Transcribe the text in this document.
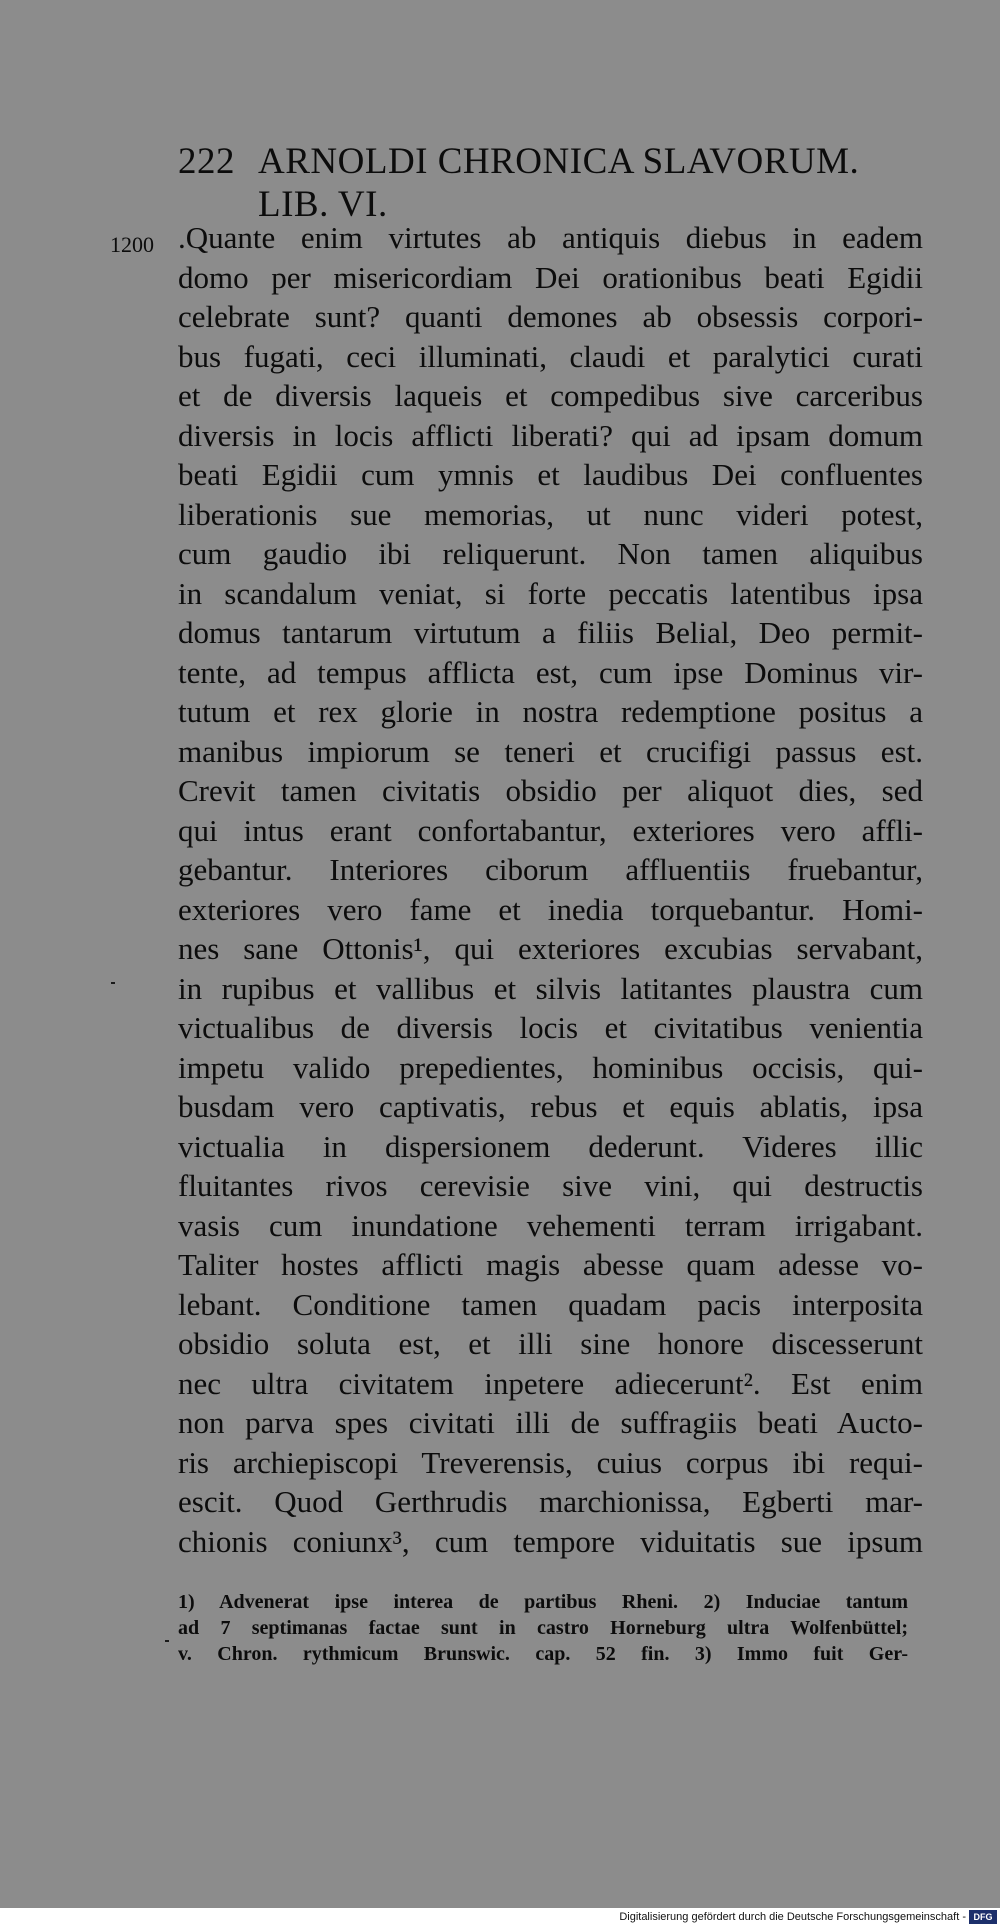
222 ARNOLDI CHRONICA SLAVORUM. LIB. VI.
1200 .Quante enim virtutes ab antiquis diebus in eadem
domo per misericordiam Dei orationibus beati Egidii
celebrate sunt? quanti demones ab obsessis corpori-
bus fugati, ceci illuminati, claudi et paralytici curati
et de diversis laqueis et compedibus sive carceribus
diversis in locis afflicti liberati? qui ad ipsam domum
beati Egidii cum ymnis et laudibus Dei confluentes
liberationis sue memorias, ut nunc videri potest,
cum gaudio ibi reliquerunt. Non tamen aliquibus
in scandalum veniat, si forte peccatis latentibus ipsa
domus tantarum virtutum a filiis Belial, Deo permit-
tente, ad tempus afflicta est, cum ipse Dominus vir-
tutum et rex glorie in nostra redemptione positus a
manibus impiorum se teneri et crucifigi passus est.
Crevit tamen civitatis obsidio per aliquot dies, sed
qui intus erant confortabantur, exteriores vero affli-
gebantur. Interiores ciborum affluentiis fruebantur,
exteriores vero fame et inedia torquebantur. Homi-
nes sane Ottonis¹, qui exteriores excubias servabant,
in rupibus et vallibus et silvis latitantes plaustra cum
victualibus de diversis locis et civitatibus venientia
impetu valido prepedientes, hominibus occisis, qui-
busdam vero captivatis, rebus et equis ablatis, ipsa
victualia in dispersionem dederunt. Videres illic
fluitantes rivos cerevisie sive vini, qui destructis
vasis cum inundatione vehementi terram irrigabant.
Taliter hostes afflicti magis abesse quam adesse vo-
lebant. Conditione tamen quadam pacis interposita
obsidio soluta est, et illi sine honore discesserunt
nec ultra civitatem inpetere adiecerunt². Est enim
non parva spes civitati illi de suffragiis beati Aucto-
ris archiepiscopi Treverensis, cuius corpus ibi requi-
escit. Quod Gerthrudis marchionissa, Egberti mar-
chionis coniunx³, cum tempore viduitatis sue ipsum
1) Advenerat ipse interea de partibus Rheni. 2) Induciae tantum
ad 7 septimanas factae sunt in castro Horneburg ultra Wolfenbüttel;
v. Chron. rythmicum Brunswic. cap. 52 fin. 3) Immo fuit Ger-
Digitalisierung gefördert durch die Deutsche Forschungsgemeinschaft - DFG
